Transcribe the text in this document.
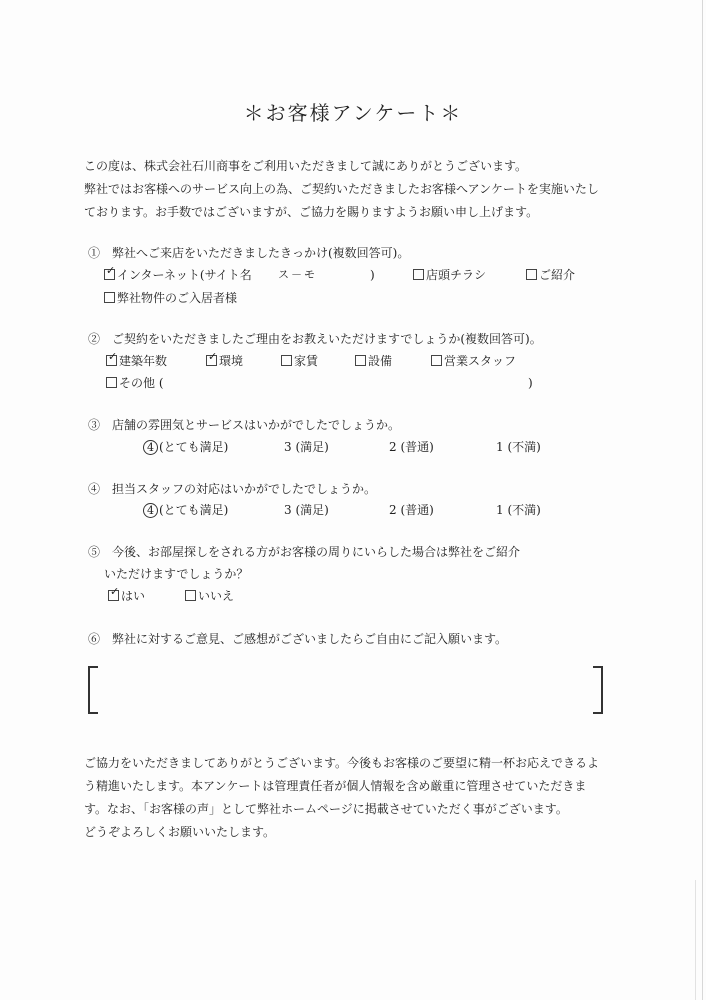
＊お客様アンケート＊
この度は、株式会社石川商事をご利用いただきまして誠にありがとうございます。
弊社ではお客様へのサービス向上の為、ご契約いただきましたお客様へアンケートを実施いたし
ております。お手数ではございますが、ご協力を賜りますようお願い申し上げます。
①　弊社へご来店をいただきましたきっかけ(複数回答可)。
✓ インターネット(サイト名 ス－モ	)	店頭チラシ	ご紹介
弊社物件のご入居者様
②　ご契約をいただきましたご理由をお教えいただけますでしょうか(複数回答可)。
✓ 建築年数	✓ 環境	家賃	設備	営業スタッフ
その他 (	)
③　店舗の雰囲気とサービスはいかがでしたでしょうか。
4 (とても満足)	3 (満足)	2 (普通)	1 (不満)
④　担当スタッフの対応はいかがでしたでしょうか。
4 (とても満足)	3 (満足)	2 (普通)	1 (不満)
⑤　今後、お部屋探しをされる方がお客様の周りにいらした場合は弊社をご紹介
いただけますでしょうか？
✓ はい	いいえ
⑥　弊社に対するご意見、ご感想がございましたらご自由にご記入願います。
ご協力をいただきましてありがとうございます。今後もお客様のご要望に精一杯お応えできるよ
う精進いたします。本アンケートは管理責任者が個人情報を含め厳重に管理させていただきま
す。なお、「お客様の声」として弊社ホームページに掲載させていただく事がございます。
どうぞよろしくお願いいたします。
